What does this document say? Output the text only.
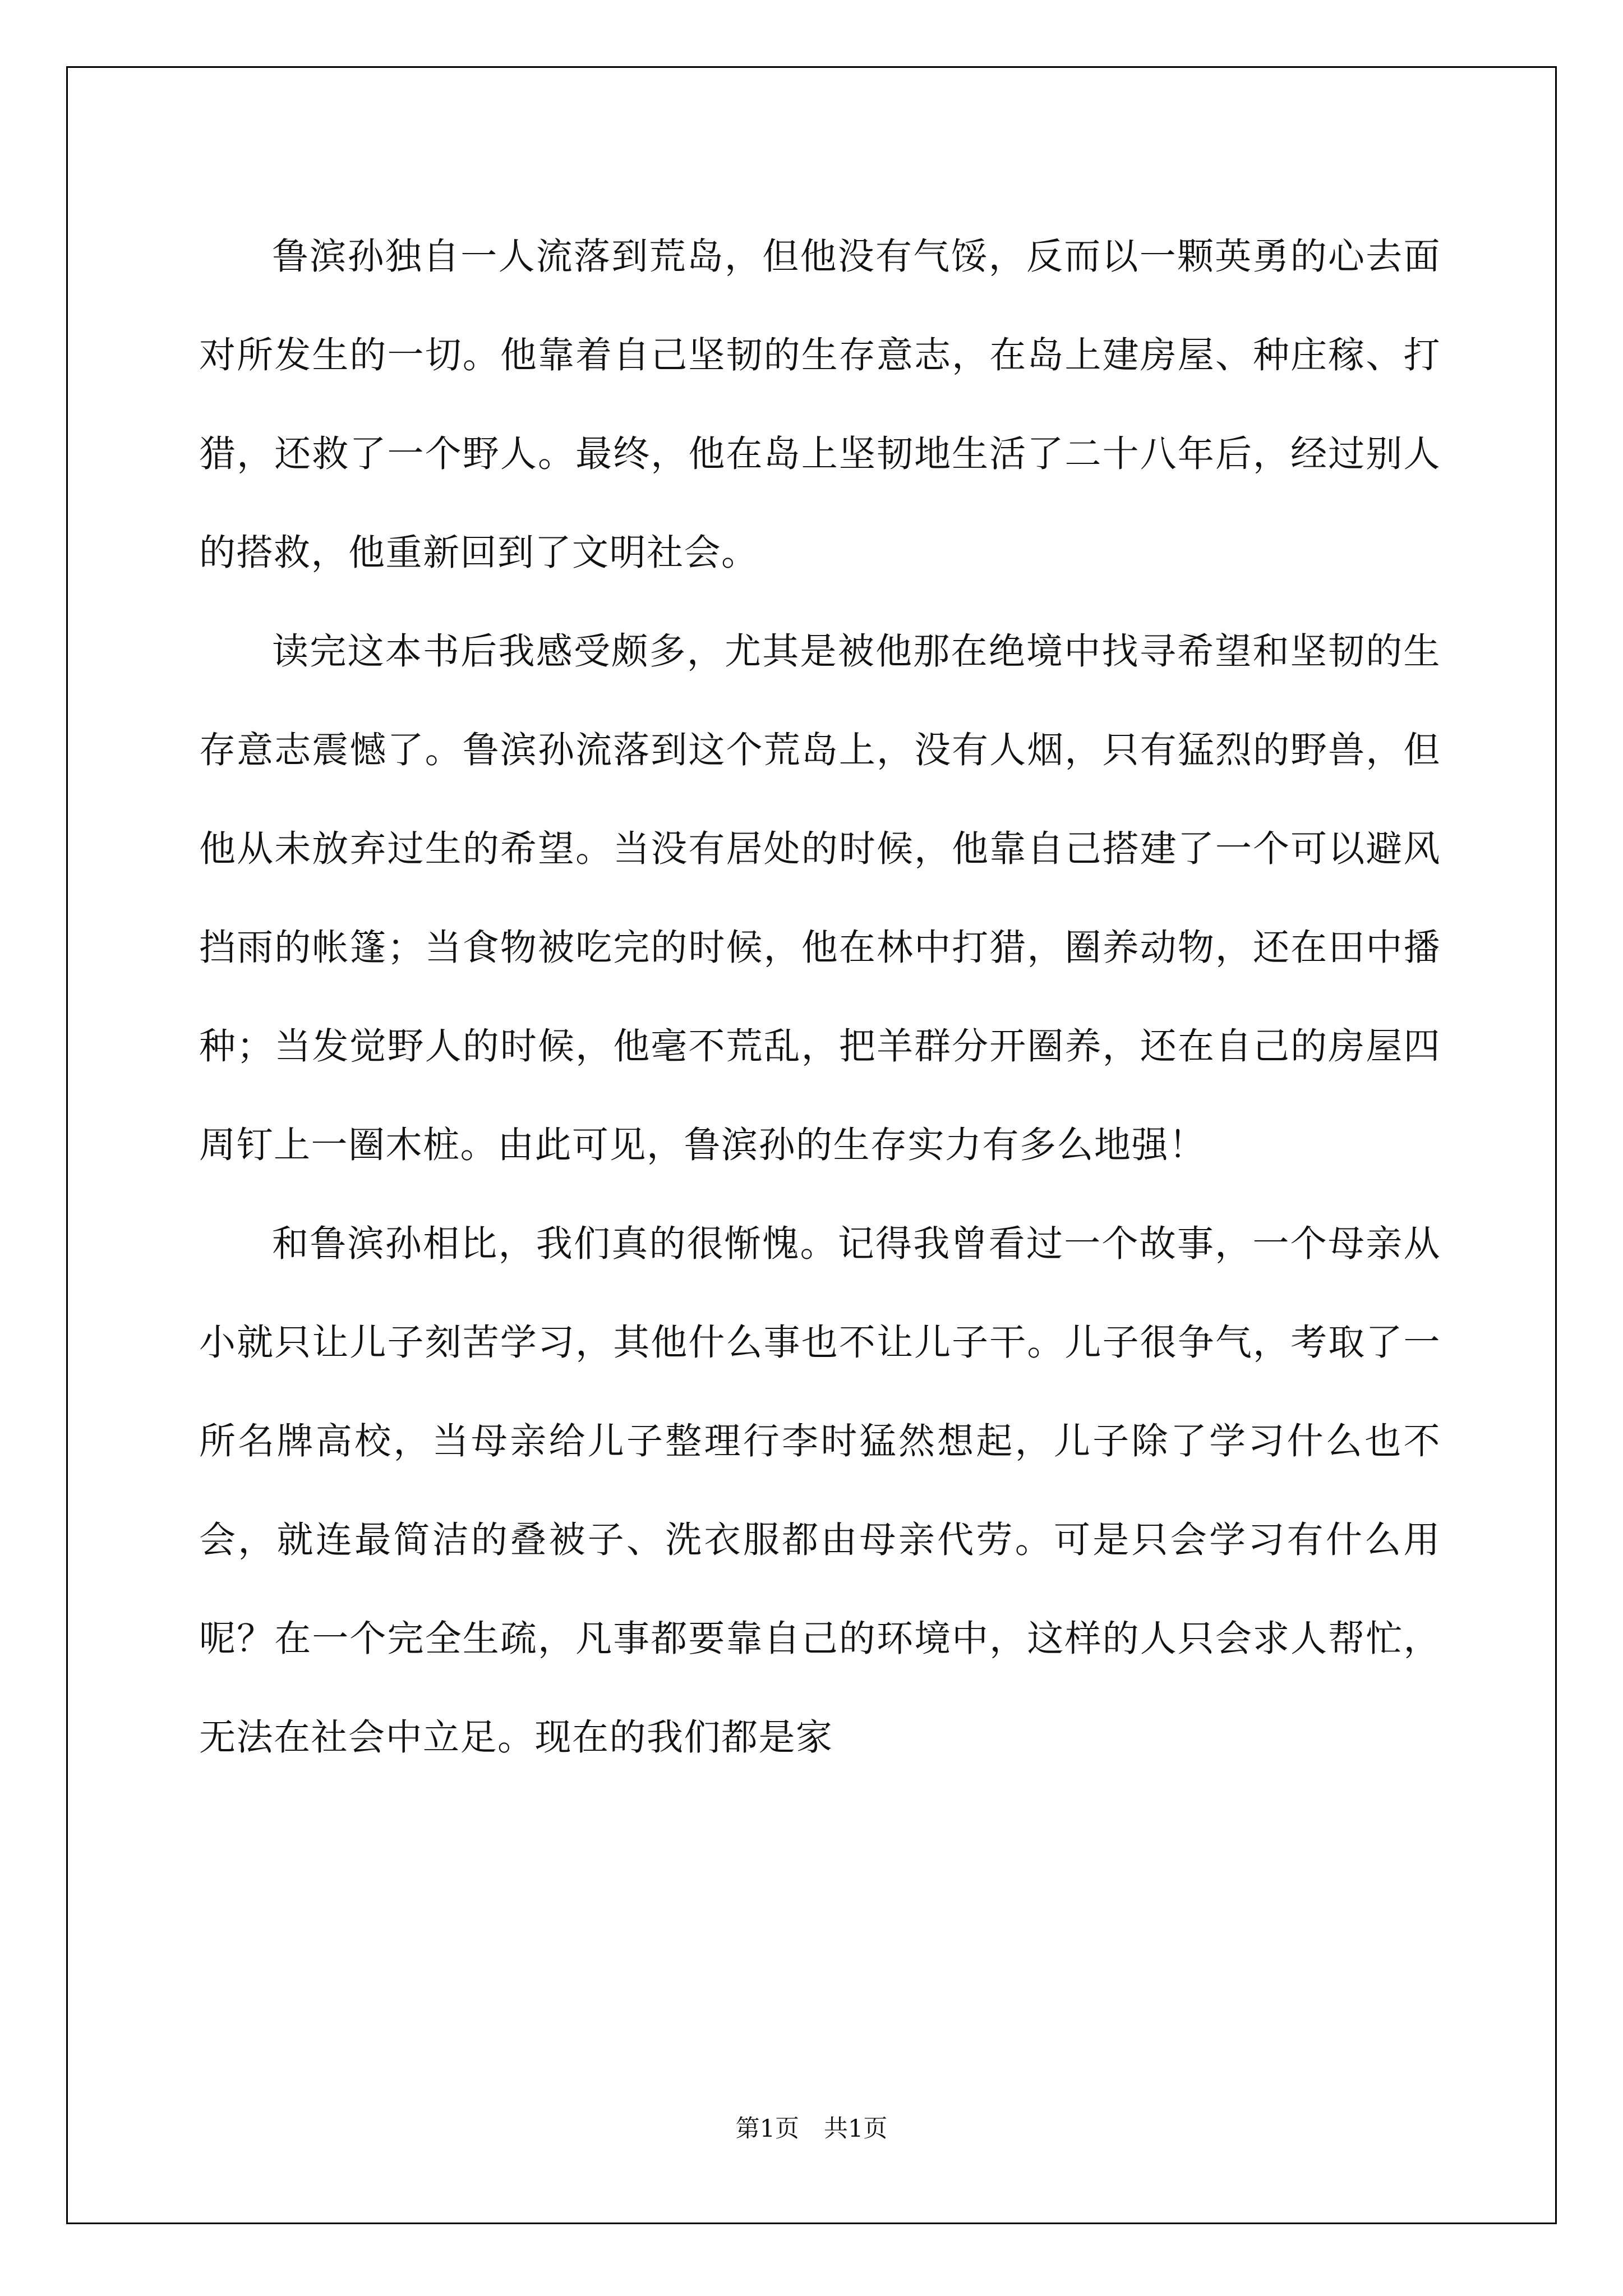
鲁滨孙独自一人流落到荒岛，但他没有气馁，反而以一颗英勇的心去面对所发生的一切。他靠着自己坚韧的生存意志，在岛上建房屋、种庄稼、打猎，还救了一个野人。最终，他在岛上坚韧地生活了二十八年后，经过别人的搭救，他重新回到了文明社会。

读完这本书后我感受颇多，尤其是被他那在绝境中找寻希望和坚韧的生存意志震憾了。鲁滨孙流落到这个荒岛上，没有人烟，只有猛烈的野兽，但他从未放弃过生的希望。当没有居处的时候，他靠自己搭建了一个可以避风挡雨的帐篷；当食物被吃完的时候，他在林中打猎，圈养动物，还在田中播种；当发觉野人的时候，他毫不荒乱，把羊群分开圈养，还在自己的房屋四周钉上一圈木桩。由此可见，鲁滨孙的生存实力有多么地强！

和鲁滨孙相比，我们真的很惭愧。记得我曾看过一个故事，一个母亲从小就只让儿子刻苦学习，其他什么事也不让儿子干。儿子很争气，考取了一所名牌高校，当母亲给儿子整理行李时猛然想起，儿子除了学习什么也不会，就连最简洁的叠被子、洗衣服都由母亲代劳。可是只会学习有什么用呢？在一个完全生疏，凡事都要靠自己的环境中，这样的人只会求人帮忙，无法在社会中立足。现在的我们都是家

第1页 共1页
